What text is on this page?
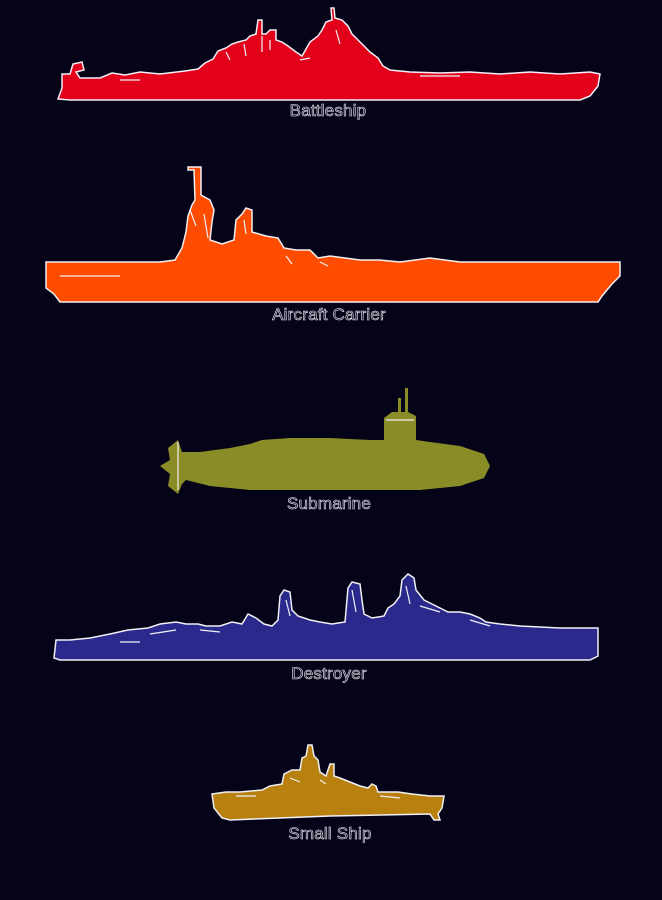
Battleship
Aircraft Carrier
Submarine
Destroyer
Small Ship
